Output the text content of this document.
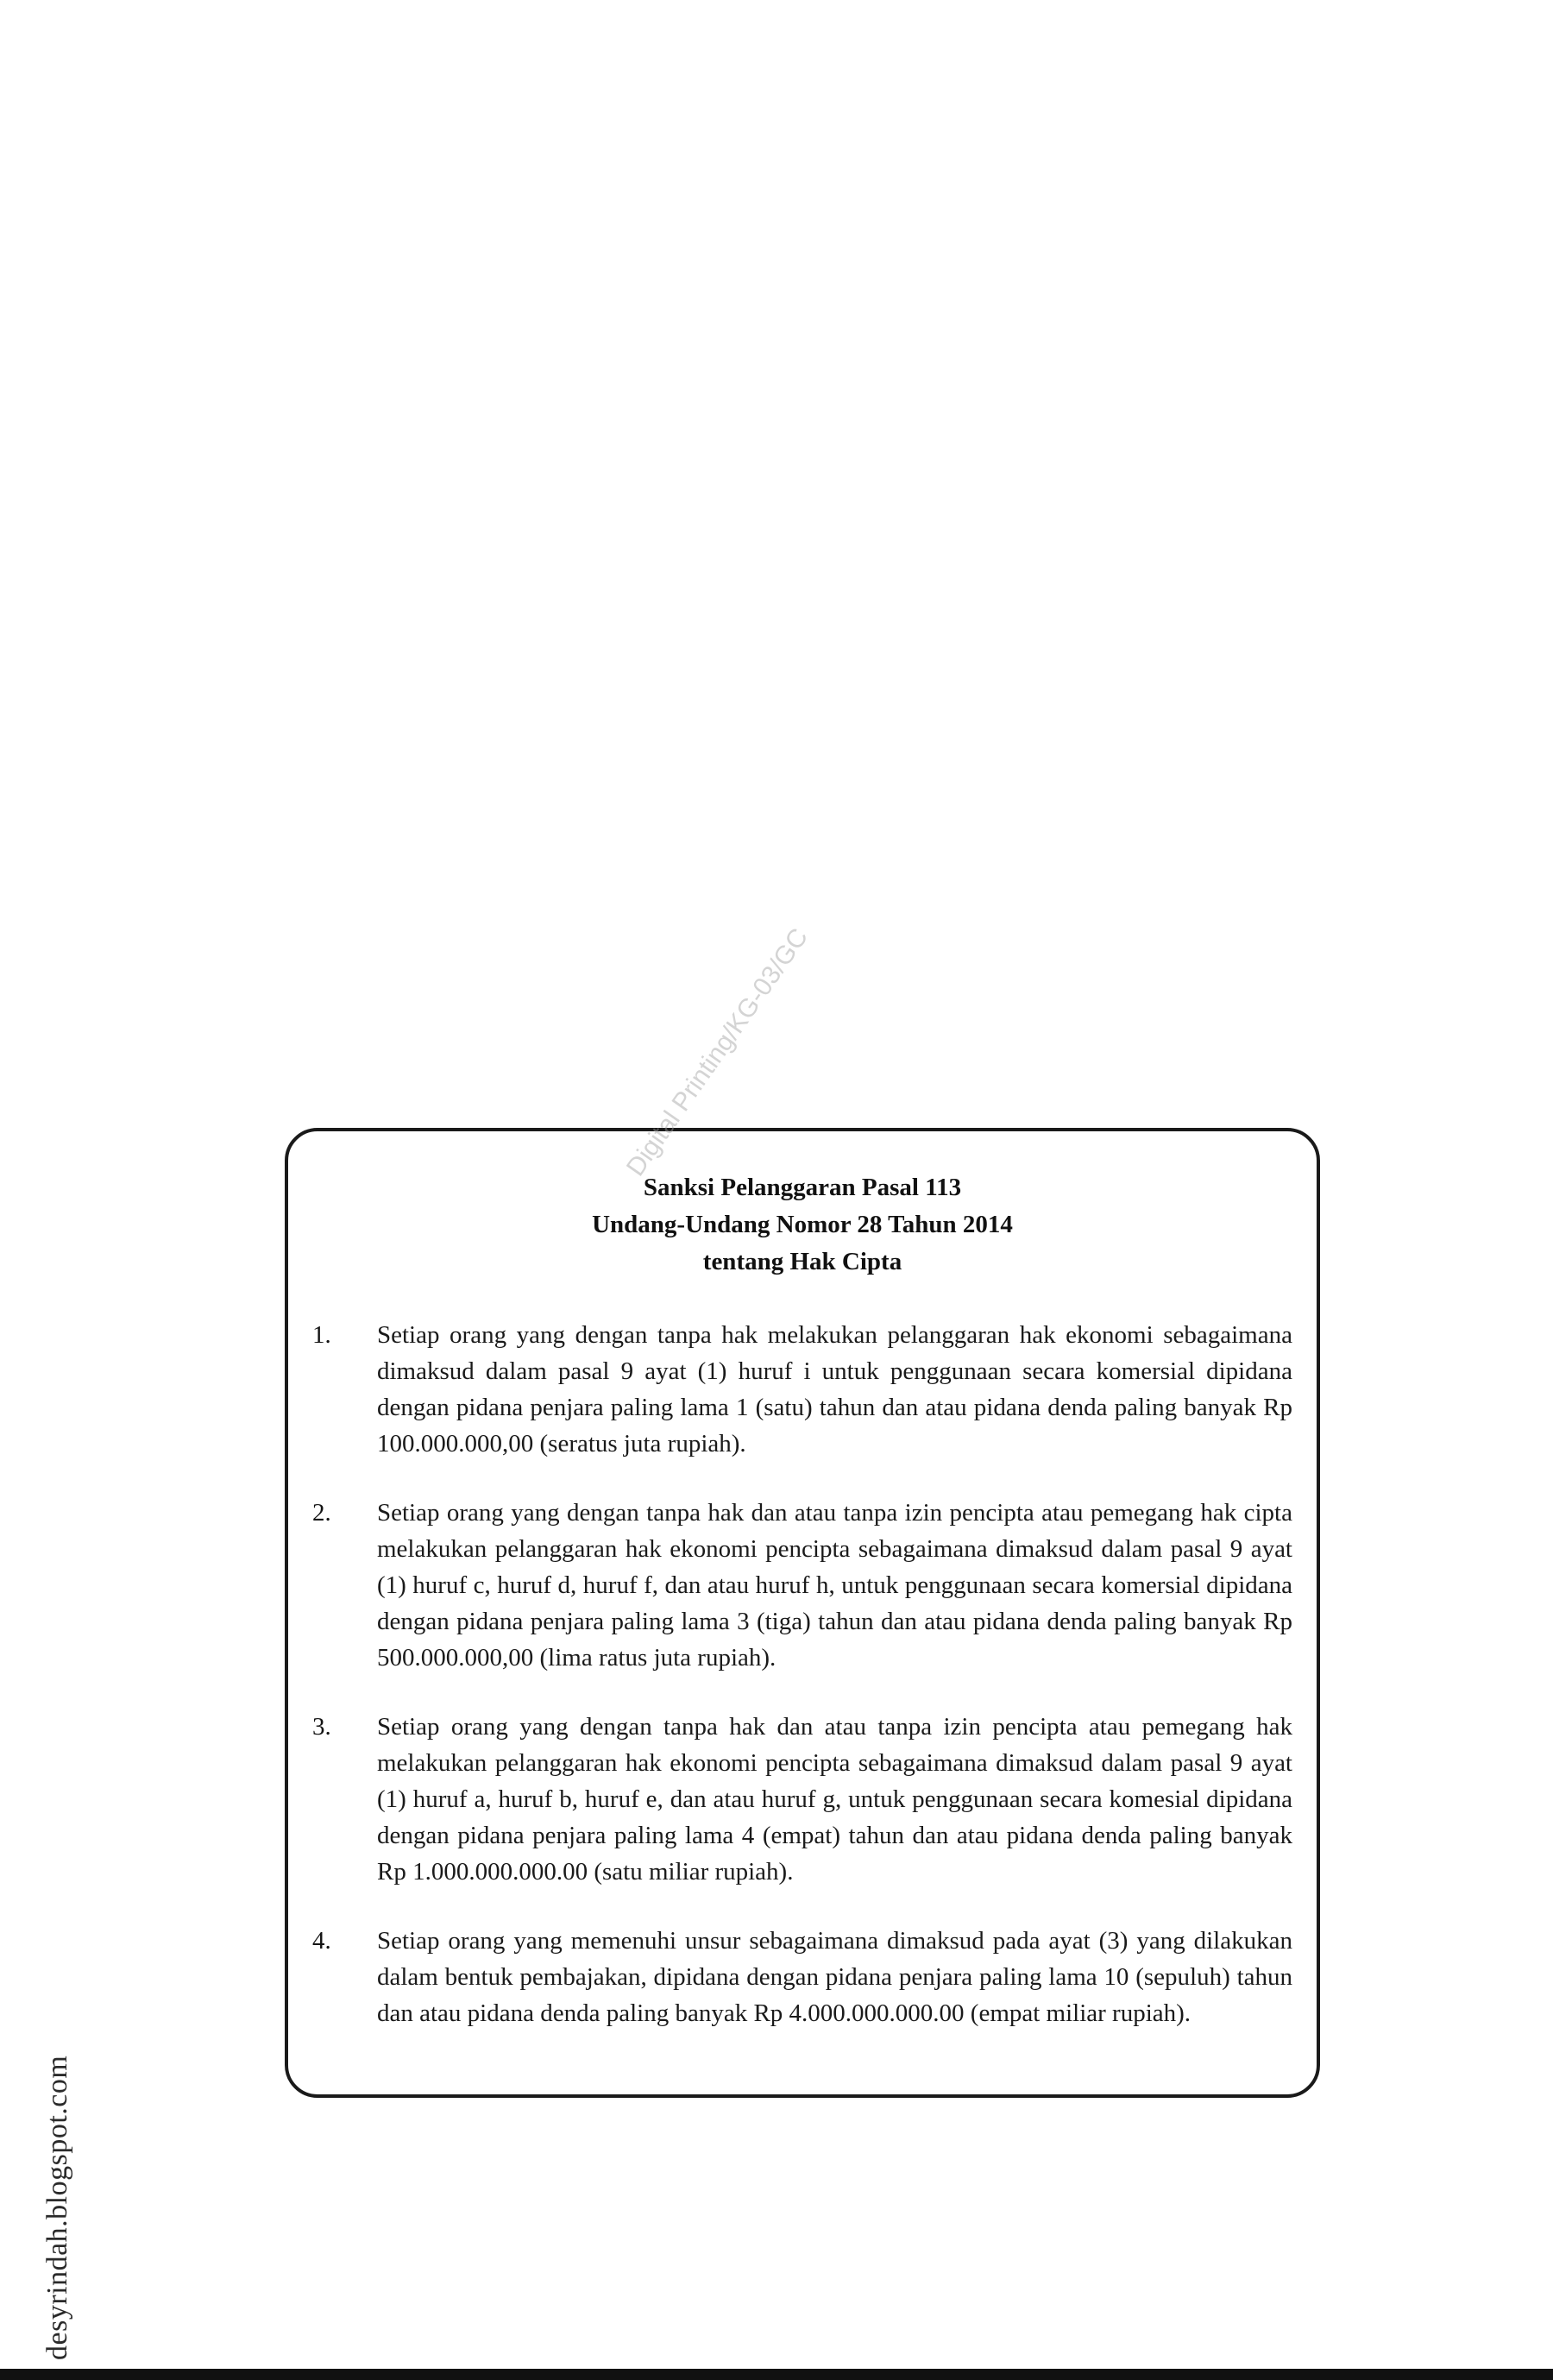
Sanksi Pelanggaran Pasal 113
Undang-Undang Nomor 28 Tahun 2014
tentang Hak Cipta
1. Setiap orang yang dengan tanpa hak melakukan pelanggaran hak ekonomi sebagaimana dimaksud dalam pasal 9 ayat (1) huruf i untuk penggunaan secara komersial dipidana dengan pidana penjara paling lama 1 (satu) tahun dan atau pidana denda paling banyak Rp 100.000.000,00 (seratus juta rupiah).
2. Setiap orang yang dengan tanpa hak dan atau tanpa izin pencipta atau pemegang hak cipta melakukan pelanggaran hak ekonomi pencipta sebagaimana dimaksud dalam pasal 9 ayat (1) huruf c, huruf d, huruf f, dan atau huruf h, untuk penggunaan secara komersial dipidana dengan pidana penjara paling lama 3 (tiga) tahun dan atau pidana denda paling banyak Rp 500.000.000,00 (lima ratus juta rupiah).
3. Setiap orang yang dengan tanpa hak dan atau tanpa izin pencipta atau pemegang hak melakukan pelanggaran hak ekonomi pencipta sebagaimana dimaksud dalam pasal 9 ayat (1) huruf a, huruf b, huruf e, dan atau huruf g, untuk penggunaan secara komesial dipidana dengan pidana penjara paling lama 4 (empat) tahun dan atau pidana denda paling banyak Rp 1.000.000.000.00 (satu miliar rupiah).
4. Setiap orang yang memenuhi unsur sebagaimana dimaksud pada ayat (3) yang dilakukan dalam bentuk pembajakan, dipidana dengan pidana penjara paling lama 10 (sepuluh) tahun dan atau pidana denda paling banyak Rp 4.000.000.000.00 (empat miliar rupiah).
Digital Printing/KG-03/GC
desyrindah.blogspot.com
